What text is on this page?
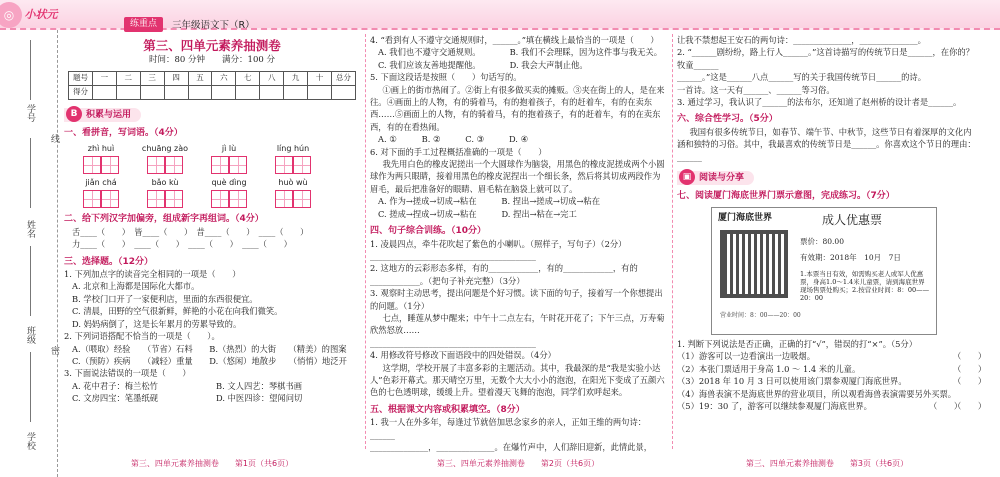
◎ 小状元
练重点	三年级语文下（R）
学号
线
姓名
班级
密
学校
第三、四单元素养抽测卷
时间：80 分钟　　满分：100 分
题号	一	二	三	四	五	六	七	八	九	十	总分
得分											
B 积累与运用
一、看拼音，写词语。（4分）
zhì huì	chuāng zào	jì lù	líng hún
jiǎn chá	bǎo kù	què dìng	huò wù
二、给下列汉字加偏旁，组成新字再组词。（4分）
舌____（　　）　皆____（　　）　昔____（　　）　____（　　）
力____（　　）　____（　　）　____（　　）　____（　　）
三、选择题。（12分）
1. 下列加点字的读音完全相同的一项是（　　）
A. 北京和上海都是国际化大都市。
B. 学校门口开了一家便利店，里面的东西很便宜。
C. 清晨，田野的空气很新鲜，鲜艳的小花在向我们微笑。
D. 妈妈病倒了，这是长年累月的劳累导致的。
2. 下列词语搭配不恰当的一项是（　　）。
A.（喂取）经验　　（节省）石料　　B.（热烈）的大街　　（精美）的图案
C.（预防）疾病　　（减轻）重量　　D.（悠闲）地散步　　（悄悄）地泛开
3. 下面说法错误的一项是（　　）
A. 花中君子：梅兰松竹	B. 文人四艺：琴棋书画
C. 文房四宝：笔墨纸砚	D. 中医四诊：望闻问切
4. “看到有人不遵守交通规则时，______。”填在横线上最恰当的一项是（　　）
A. 我们也不遵守交通规则。　　　　B. 我们不会理睬，因为这件事与我无关。
C. 我们应该友善地提醒他。　　　　D. 我会大声制止他。
5. 下面这段话是按照（　　）句话写的。
①画上的街市热闹了。②街上有很多做买卖的摊贩。③夹在街上的人，是在来往。④画面上的人物，有的骑着马，有的抱着孩子，有的赶着车，有的在卖东西……⑤画面上的人物，有的骑着马，有的抱着孩子，有的赶着车，有的在卖东西，有的在看热闹。
A. ①　　　B. ②　　　C. ③　　　D. ④
6. 对下面的手工过程概括准确的一项是（　　）
我先用白色的橡皮泥搓出一个大圆球作为脑袋，用黑色的橡皮泥搓成两个小圆球作为两只眼睛，接着用黑色的橡皮泥捏出一个细长条，然后将其切成两段作为眉毛，最后把准备好的眼睛、眉毛粘在脑袋上就可以了。
A. 作为→搓成→切成→粘在　　　B. 捏出→搓成→切成→粘在
C. 搓成→捏成→切成→粘在　　　D. 捏出→粘在→完工
四、句子综合训练。（10分）
1. 凌晨四点，牵牛花吹起了紫色的小喇叭。（照样子，写句子）（2分）
________________________________________
2. 这地方的云彩形态多样，有的____________，有的____________，有的____________。（把句子补充完整）（3分）
3. 观察时主动思考，提出问题是个好习惯。读下面的句子，接着写一个你想提出的问题。（1分）
七点，睡莲从梦中醒来；中午十二点左右，午时花开花了；下午三点，万寿菊欣然怒放……
________________________________________
4. 用修改符号修改下面语段中的四处错误。（4分）
这学期，学校开展了丰富多彩的主题活动。其中，我最深的是“我是实验小达人”色彩开幕式。那天晴空万里，无数个大大小小的泡泡，在阳光下变成了五颜六色的七色透明球，缓缓上升。望着漫天飞舞的泡泡，同学们欢呼起来。
五、根据课文内容或积累填空。（8分）
1. 我一人在外多年，每逢过节就倍加思念家乡的亲人，正如王维的两句诗：______
______________，______________。在爆竹声中，人们辞旧迎新，此情此景，
让我不禁想起王安石的两句诗：______________，______________。
2. “______剧纷纷，路上行人______。”这首诗描写的传统节日是______，在你的？牧童______
______。”这是______八点______写的关于我国传统节日______的诗。
一首诗。这一天有______、______等习俗。
3. 通过学习，我认识了______的法布尔，还知道了赵州桥的设计者是______。
六、综合性学习。（5分）
我国有很多传统节日，如春节、端午节、中秋节，这些节日有着深厚的文化内涵和独特的习俗。其中，我最喜欢的传统节日是______。你喜欢这个节日的理由：______
▣ 阅读与分享
七、阅读厦门海底世界门票示意图，完成练习。（7分）
厦门海底世界	成人优惠票
票价：80.00
有效期：2018年　10月　7日
1.本票当日有效，如需购买老人或军人优惠票，身高1.0～1.4米儿童票，请到海底世界现场售票处购买；2.按营业时间：8：00——20：00
营业时间：8：00——20：00
1. 判断下列说法是否正确，正确的打“√”，错误的打“×”。（5分）
（1）游客可以一边看演出一边吸烟。	（　　）
（2）本张门票适用于身高 1.0 ～ 1.4 米的儿童。	（　　）
（3）2018 年 10 月 3 日可以使用该门票参观厦门海底世界。	（　　）
（4）海兽表演不是海底世界的营业项目，所以观看海兽表演需要另外买票。
（　　）
（5）19：30 了，游客可以继续参观厦门海底世界。	（　　）
第三、四单元素养抽测卷　　第1页（共6页）	第三、四单元素养抽测卷　　第2页（共6页）	第三、四单元素养抽测卷　　第3页（共6页）
